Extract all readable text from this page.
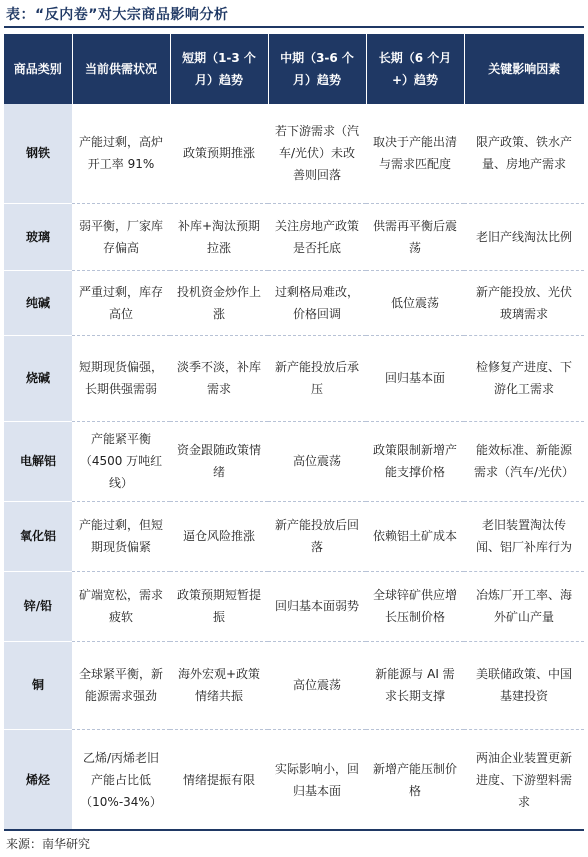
表：“反内卷”对大宗商品影响分析
商品类别	当前供需状况	短期（1-3 个月）趋势	中期（3-6 个月）趋势	长期（6 个月+）趋势	关键影响因素
钢铁	产能过剩，高炉开工率 91%	政策预期推涨	若下游需求（汽车/光伏）未改善则回落	取决于产能出清与需求匹配度	限产政策、铁水产量、房地产需求
玻璃	弱平衡，厂家库存偏高	补库+淘汰预期拉涨	关注房地产政策是否托底	供需再平衡后震荡	老旧产线淘汰比例
纯碱	严重过剩，库存高位	投机资金炒作上涨	过剩格局难改，价格回调	低位震荡	新产能投放、光伏玻璃需求
烧碱	短期现货偏强，长期供强需弱	淡季不淡，补库需求	新产能投放后承压	回归基本面	检修复产进度、下游化工需求
电解铝	产能紧平衡（4500 万吨红线）	资金跟随政策情绪	高位震荡	政策限制新增产能支撑价格	能效标准、新能源需求（汽车/光伏）
氧化铝	产能过剩，但短期现货偏紧	逼仓风险推涨	新产能投放后回落	依赖铝土矿成本	老旧装置淘汰传闻、铝厂补库行为
锌/铅	矿端宽松，需求疲软	政策预期短暂提振	回归基本面弱势	全球锌矿供应增长压制价格	冶炼厂开工率、海外矿山产量
铜	全球紧平衡，新能源需求强劲	海外宏观+政策情绪共振	高位震荡	新能源与 AI 需求长期支撑	美联储政策、中国基建投资
烯烃	乙烯/丙烯老旧产能占比低（10%-34%）	情绪提振有限	实际影响小，回归基本面	新增产能压制价格	两油企业装置更新进度、下游塑料需求
来源：南华研究
